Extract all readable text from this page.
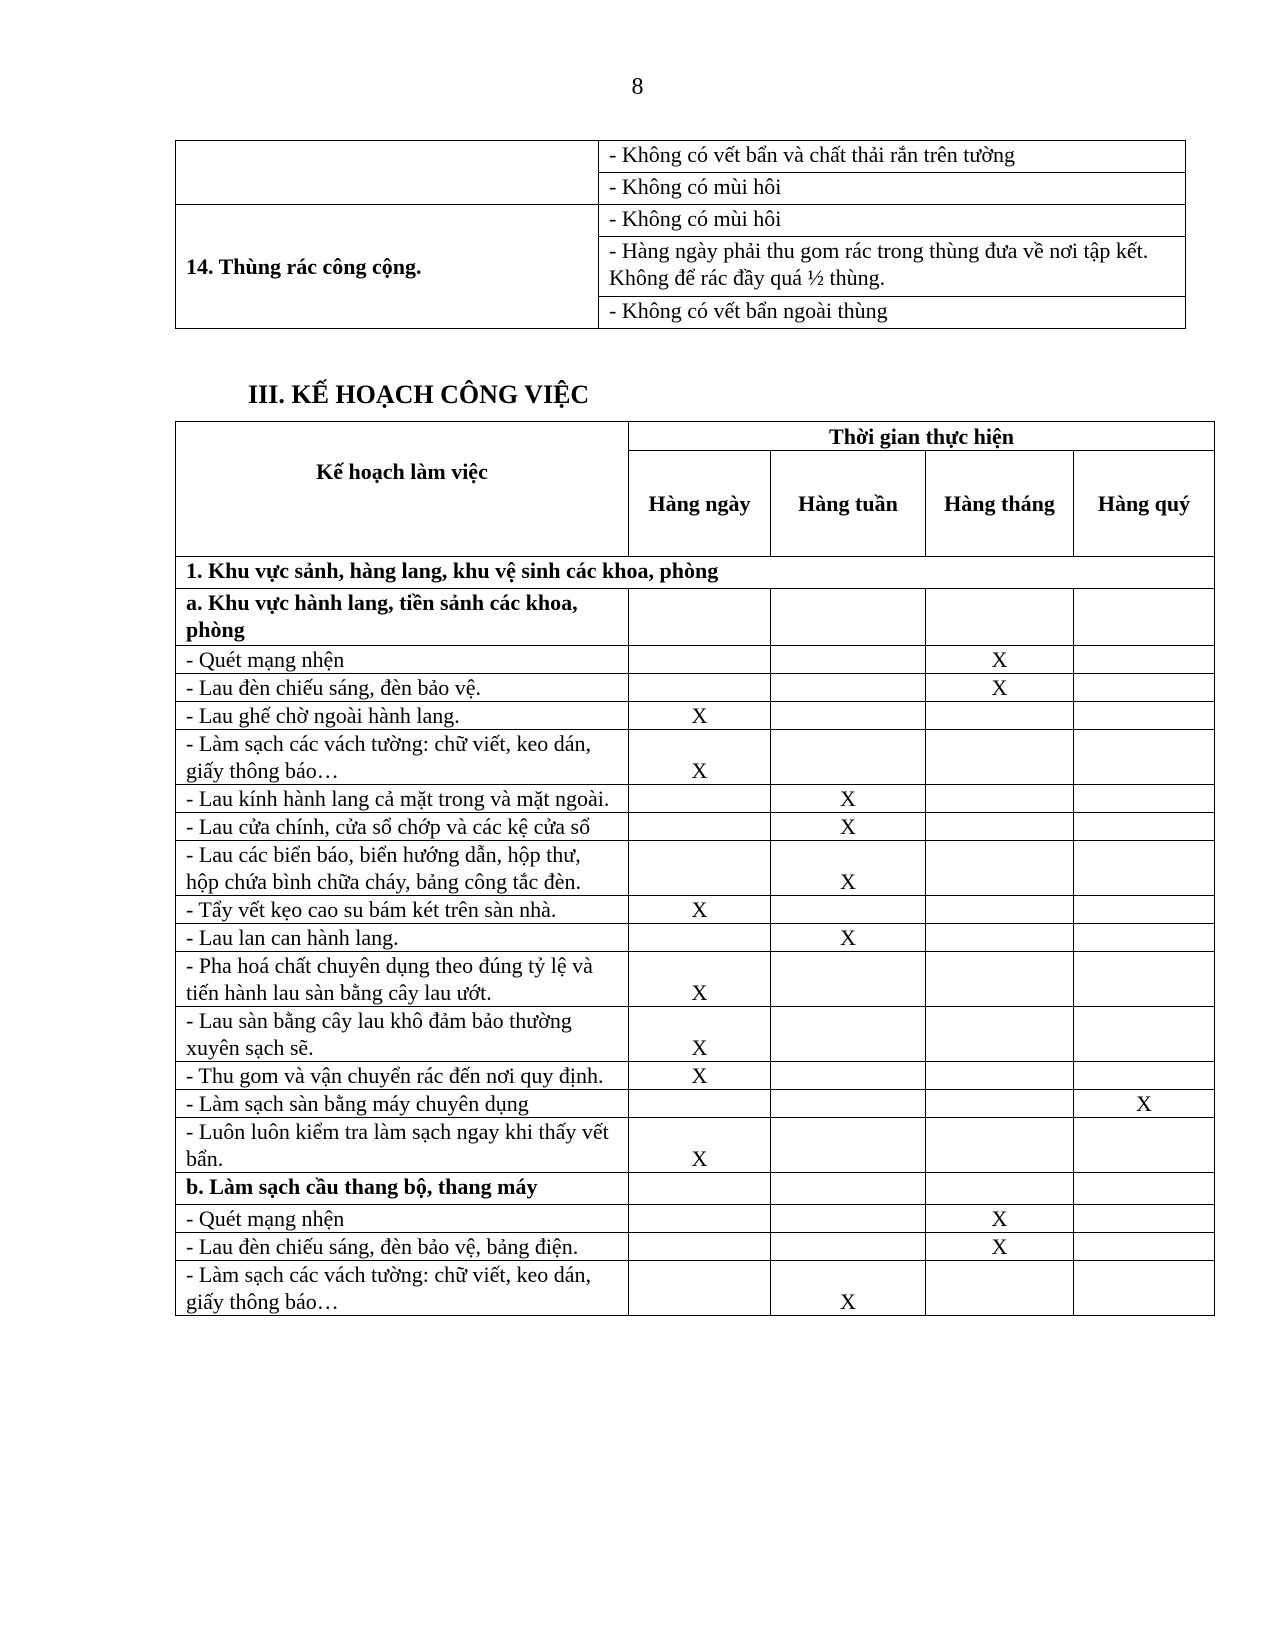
8
	- Không có vết bẩn và chất thải rắn trên tường
	- Không có mùi hôi
14. Thùng rác công cộng.	- Không có mùi hôi
	- Hàng ngày phải thu gom rác trong thùng đưa về nơi tập kết. Không để rác đầy quá ½ thùng.
	- Không có vết bẩn ngoài thùng
III. KẾ HOẠCH CÔNG VIỆC
Kế hoạch làm việc	Thời gian thực hiện			
	Hàng ngày	Hàng tuần	Hàng tháng	Hàng quý
1. Khu vực sảnh, hàng lang, khu vệ sinh các khoa, phòng				
a. Khu vực hành lang, tiền sảnh các khoa, phòng				
- Quét mạng nhện			X	
- Lau đèn chiếu sáng, đèn bảo vệ.			X	
- Lau ghế chờ ngoài hành lang.	X			
- Làm sạch các vách tường: chữ viết, keo dán, giấy thông báo…	X			
- Lau kính hành lang cả mặt trong và mặt ngoài.		X		
- Lau cửa chính, cửa sổ chớp và các kệ cửa sổ		X		
- Lau các biển báo, biển hướng dẫn, hộp thư, hộp chứa bình chữa cháy, bảng công tắc đèn.		X		
- Tẩy vết kẹo cao su bám két trên sàn nhà.	X			
- Lau lan can hành lang.		X		
- Pha hoá chất chuyên dụng theo đúng tỷ lệ và tiến hành lau sàn bằng cây lau ướt.	X			
- Lau sàn bằng cây lau khô đảm bảo thường xuyên sạch sẽ.	X			
- Thu gom và vận chuyển rác đến nơi quy định.	X			
- Làm sạch sàn bằng máy chuyên dụng				X
- Luôn luôn kiểm tra làm sạch ngay khi thấy vết bẩn.	X			
b. Làm sạch cầu thang bộ, thang máy				
- Quét mạng nhện			X	
- Lau đèn chiếu sáng, đèn bảo vệ, bảng điện.			X	
- Làm sạch các vách tường: chữ viết, keo dán, giấy thông báo…		X		
